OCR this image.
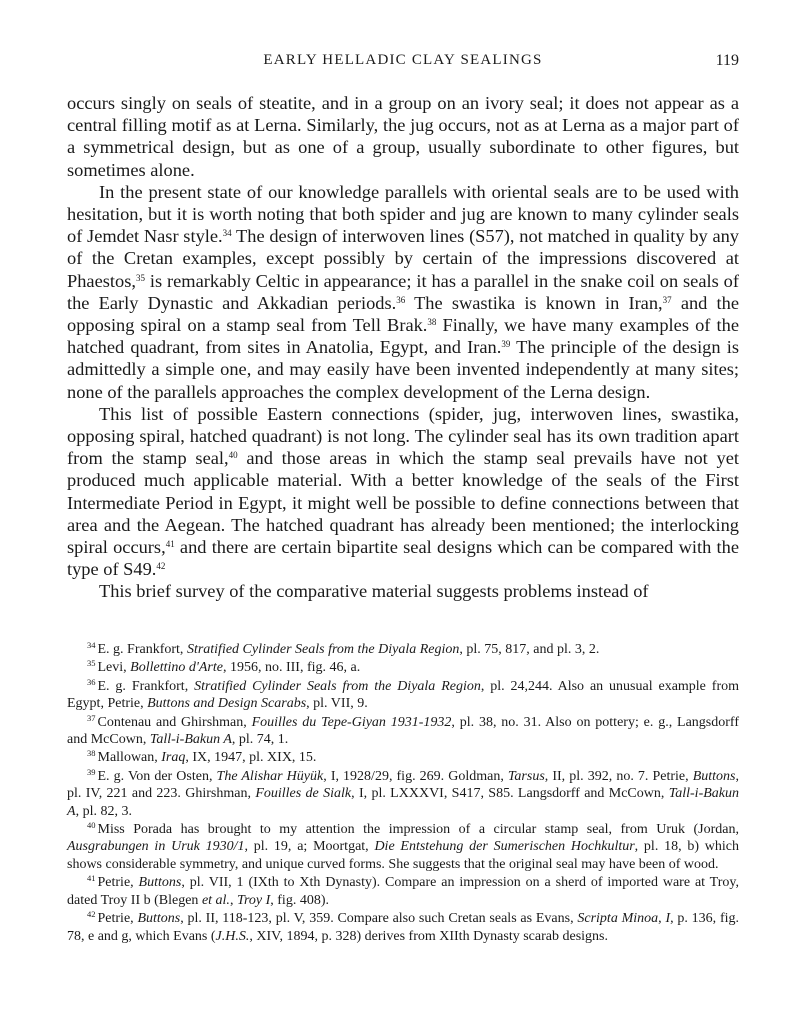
EARLY HELLADIC CLAY SEALINGS	119

occurs singly on seals of steatite, and in a group on an ivory seal; it does not appear as a central filling motif as at Lerna. Similarly, the jug occurs, not as at Lerna as a major part of a symmetrical design, but as one of a group, usually subordinate to other figures, but sometimes alone.

In the present state of our knowledge parallels with oriental seals are to be used with hesitation, but it is worth noting that both spider and jug are known to many cylinder seals of Jemdet Nasr style.$^{34}$ The design of interwoven lines (S57), not matched in quality by any of the Cretan examples, except possibly by certain of the impressions discovered at Phaestos,$^{35}$ is remarkably Celtic in appearance; it has a parallel in the snake coil on seals of the Early Dynastic and Akkadian periods.$^{36}$ The swastika is known in Iran,$^{37}$ and the opposing spiral on a stamp seal from Tell Brak.$^{38}$ Finally, we have many examples of the hatched quadrant, from sites in Anatolia, Egypt, and Iran.$^{39}$ The principle of the design is admittedly a simple one, and may easily have been invented independently at many sites; none of the parallels approaches the complex development of the Lerna design.

This list of possible Eastern connections (spider, jug, interwoven lines, swastika, opposing spiral, hatched quadrant) is not long. The cylinder seal has its own tradition apart from the stamp seal,$^{40}$ and those areas in which the stamp seal prevails have not yet produced much applicable material. With a better knowledge of the seals of the First Intermediate Period in Egypt, it might well be possible to define connections between that area and the Aegean. The hatched quadrant has already been mentioned; the interlocking spiral occurs,$^{41}$ and there are certain bipartite seal designs which can be compared with the type of S49.42

This brief survey of the comparative material suggests problems instead of

$^{34}$ E. g. Frankfort, Stratified Cylinder Seals from the Diyala Region, pl. 75, 817, and pl. 3, 2.

$^{35}$ Levi, Bollettino d'Arte, 1956, no. III, fig. 46, a.

$^{36}$ E. g. Frankfort, Stratified Cylinder Seals from the Diyala Region, pl. 24,244. Also an unusual example from Egypt, Petrie, Buttons and Design Scarabs, pl. VII, 9.

$^{37}$ Contenau and Ghirshman, Fouilles du Tepe-Giyan 1931-1932, pl. 38, no. 31. Also on pottery; e. g., Langsdorff and McCown, Tall-i-Bakun A, pl. 74, 1.

$^{38}$ Mallowan, Iraq, IX, 1947, pl. XIX, 15.

$^{39}$ E. g. Von der Osten, The Alishar Hüyük, I, 1928/29, fig. 269. Goldman, Tarsus, II, pl. 392, no. 7. Petrie, Buttons, pl. IV, 221 and 223. Ghirshman, Fouilles de Sialk, I, pl. LXXXVI, S417, S85. Langsdorff and McCown, Tall-i-Bakun A, pl. 82, 3.

$^{40}$ Miss Porada has brought to my attention the impression of a circular stamp seal, from Uruk (Jordan, Ausgrabungen in Uruk 1930/1, pl. 19, a; Moortgat, Die Entstehung der Sumerischen Hochkultur, pl. 18, b) which shows considerable symmetry, and unique curved forms. She suggests that the original seal may have been of wood.

$^{41}$ Petrie, Buttons, pl. VII, 1 (IXth to Xth Dynasty). Compare an impression on a sherd of imported ware at Troy, dated Troy II b (Blegen et al., Troy I, fig. 408).

$^{42}$ Petrie, Buttons, pl. II, 118-123, pl. V, 359. Compare also such Cretan seals as Evans, Scripta Minoa, I, p. 136, fig. 78, e and g, which Evans (J.H.S., XIV, 1894, p. 328) derives from XIIth Dynasty scarab designs.
